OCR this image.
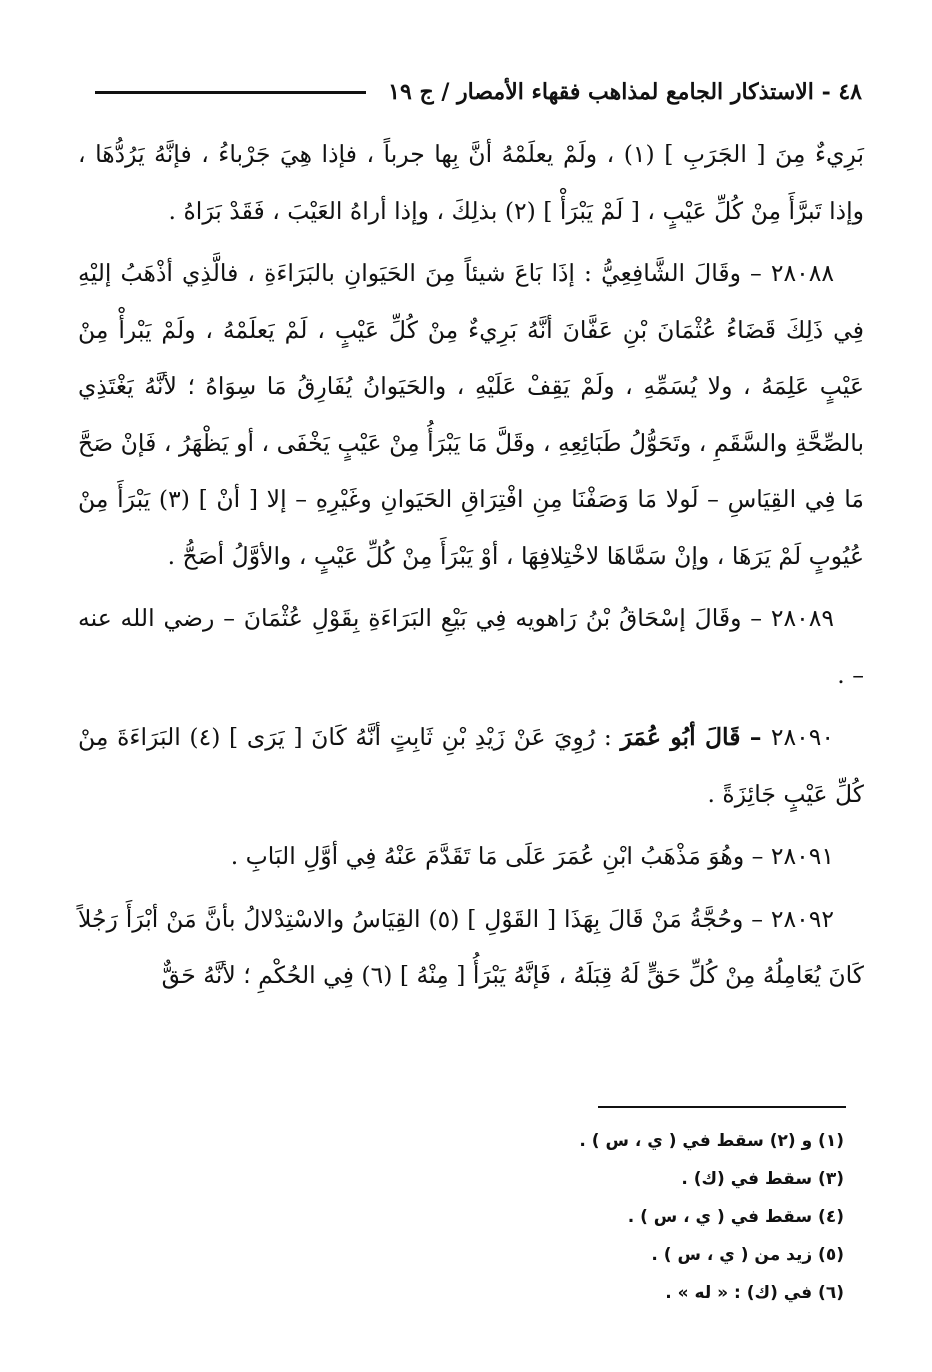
٤٨ - الاستذكار الجامع لمذاهب فقهاء الأمصار / ج ١٩

بَرِيءٌ مِنَ [ الجَرَبِ ] (١) ، ولَمْ يعلَمْهُ أنَّ بِها جرباً ، فإذا هِيَ جَرْباءُ ، فإنَّهُ يَرُدُّهَا ، وإذا تَبرَّأَ مِنْ كُلِّ عَيْبٍ ، [ لَمْ يَبْرَأْ ] (٢) بذلِكَ ، وإذا أراهُ العَيْبَ ، فَقَدْ بَرَاهُ .

٢٨٠٨٨ – وقَالَ الشَّافِعِيُّ : إذَا بَاعَ شيئاً مِنَ الحَيَوانِ بالبَرَاءَةِ ، فالَّذِي أذْهَبُ إليْهِ فِي ذَلِكَ قَضَاءُ عُثْمَانَ بْنِ عَفَّانَ أنَّهُ بَرِيءٌ مِنْ كُلِّ عَيْبٍ ، لَمْ يَعلَمْهُ ، ولَمْ يَبْرأْ مِنْ عَيْبٍ عَلِمَهُ ، ولا يُسَمِّهِ ، ولَمْ يَقِفْ عَلَيْهِ ، والحَيَوانُ يُفَارِقُ مَا سِوَاهُ ؛ لأنَّهُ يَغْتَذِي بالصِّحَّةِ والسَّقَمِ ، وتَحَوُّلُ طَبَائِعِهِ ، وقَلَّ مَا يَبْرَأُ مِنْ عَيْبٍ يَخْفَى ، أو يَظْهَرُ ، فَإنْ صَحَّ مَا فِي القِيَاسِ – لَولا مَا وَصَفْنَا مِنِ افْتِرَاقِ الحَيَوانِ وغَيْرِهِ – إلا [ أنْ ] (٣) يَبْرَأَ مِنْ عُيُوبٍ لَمْ يَرَهَا ، وإنْ سَمَّاهَا لاخْتِلافِهَا ، أوْ يَبْرَأَ مِنْ كُلِّ عَيْبٍ ، والأوَّلُ أصَحُّ .

٢٨٠٨٩ – وقَالَ إسْحَاقُ بْنُ رَاهويه فِي بَيْعِ البَرَاءَةِ بِقَوْلِ عُثْمَانَ – رضي الله عنه – .

٢٨٠٩٠ – قَالَ أبُو عُمَرَ : رُوِيَ عَنْ زَيْدِ بْنِ ثَابِتٍ أنَّهُ كَانَ [ يَرَى ] (٤) البَرَاءَةَ مِنْ كُلِّ عَيْبٍ جَائِزَةً .

٢٨٠٩١ – وهُوَ مَذْهَبُ ابْنِ عُمَرَ عَلَى مَا تَقَدَّمَ عَنْهُ فِي أوَّلِ البَابِ .

٢٨٠٩٢ – وحُجَّةُ مَنْ قَالَ بِهَذَا [ القَوْلِ ] (٥) القِيَاسُ والاسْتِدْلالُ بأنَّ مَنْ أبْرَأَ رَجُلاً كَانَ يُعَامِلُهُ مِنْ كُلِّ حَقٍّ لَهُ قِبَلَهُ ، فَإنَّهُ يَبْرَأُ [ مِنْهُ ] (٦) فِي الحُكْمِ ؛ لأنَّهُ حَقٌّ

(١) و (٢) سقط في ( ي ، س ) .

(٣) سقط في (ك) .

(٤) سقط في ( ي ، س ) .

(٥) زيد من ( ي ، س ) .

(٦) في (ك) : « له » .
